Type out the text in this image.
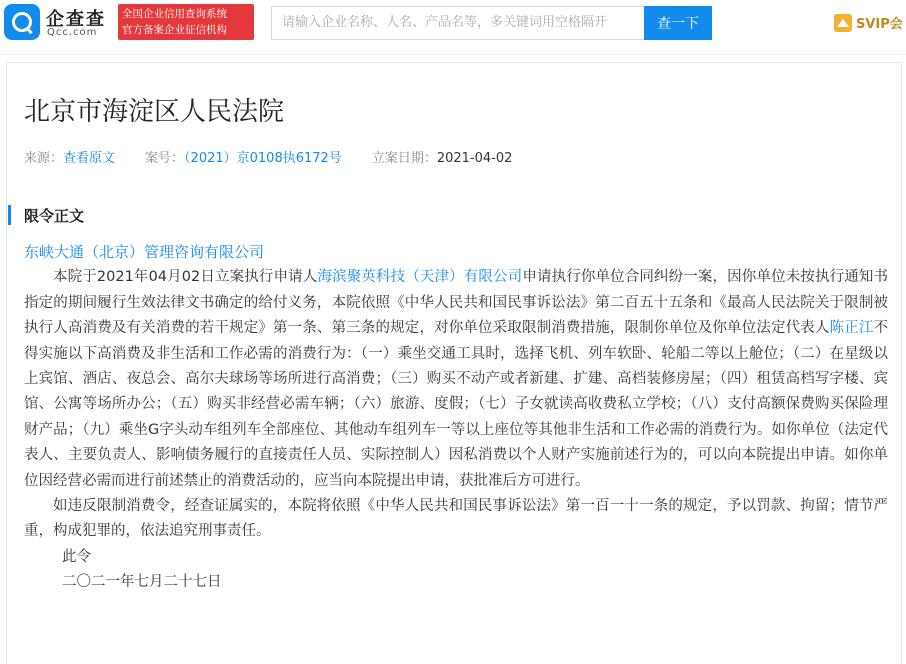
企查查
Qcc.com
全国企业信用查询系统
官方备案企业征信机构	请输入企业名称、人名、产品名等，多关键词用空格隔开	查一下	SVIP会
北京市海淀区人民法院
来源：查看原文 案号：（2021）京0108执6172号 立案日期：2021-04-02
限令正文
东峡大通（北京）管理咨询有限公司
本院于2021年04月02日立案执行申请人海滨聚英科技（天津）有限公司申请执行你单位合同纠纷一案，因你单位未按执行通知书指定的期间履行生效法律文书确定的给付义务，本院依照《中华人民共和国民事诉讼法》第二百五十五条和《最高人民法院关于限制被执行人高消费及有关消费的若干规定》第一条、第三条的规定，对你单位采取限制消费措施，限制你单位及你单位法定代表人陈正江不得实施以下高消费及非生活和工作必需的消费行为：（一）乘坐交通工具时，选择飞机、列车软卧、轮船二等以上舱位；（二）在星级以上宾馆、酒店、夜总会、高尔夫球场等场所进行高消费；（三）购买不动产或者新建、扩建、高档装修房屋；（四）租赁高档写字楼、宾馆、公寓等场所办公；（五）购买非经营必需车辆；（六）旅游、度假；（七）子女就读高收费私立学校；（八）支付高额保费购买保险理财产品；（九）乘坐G字头动车组列车全部座位、其他动车组列车一等以上座位等其他非生活和工作必需的消费行为。如你单位（法定代表人、主要负责人、影响债务履行的直接责任人员、实际控制人）因私消费以个人财产实施前述行为的，可以向本院提出申请。如你单位因经营必需而进行前述禁止的消费活动的，应当向本院提出申请，获批准后方可进行。
如违反限制消费令，经查证属实的，本院将依照《中华人民共和国民事诉讼法》第一百一十一条的规定，予以罚款、拘留；情节严重，构成犯罪的，依法追究刑事责任。
此令
二〇二一年七月二十七日
